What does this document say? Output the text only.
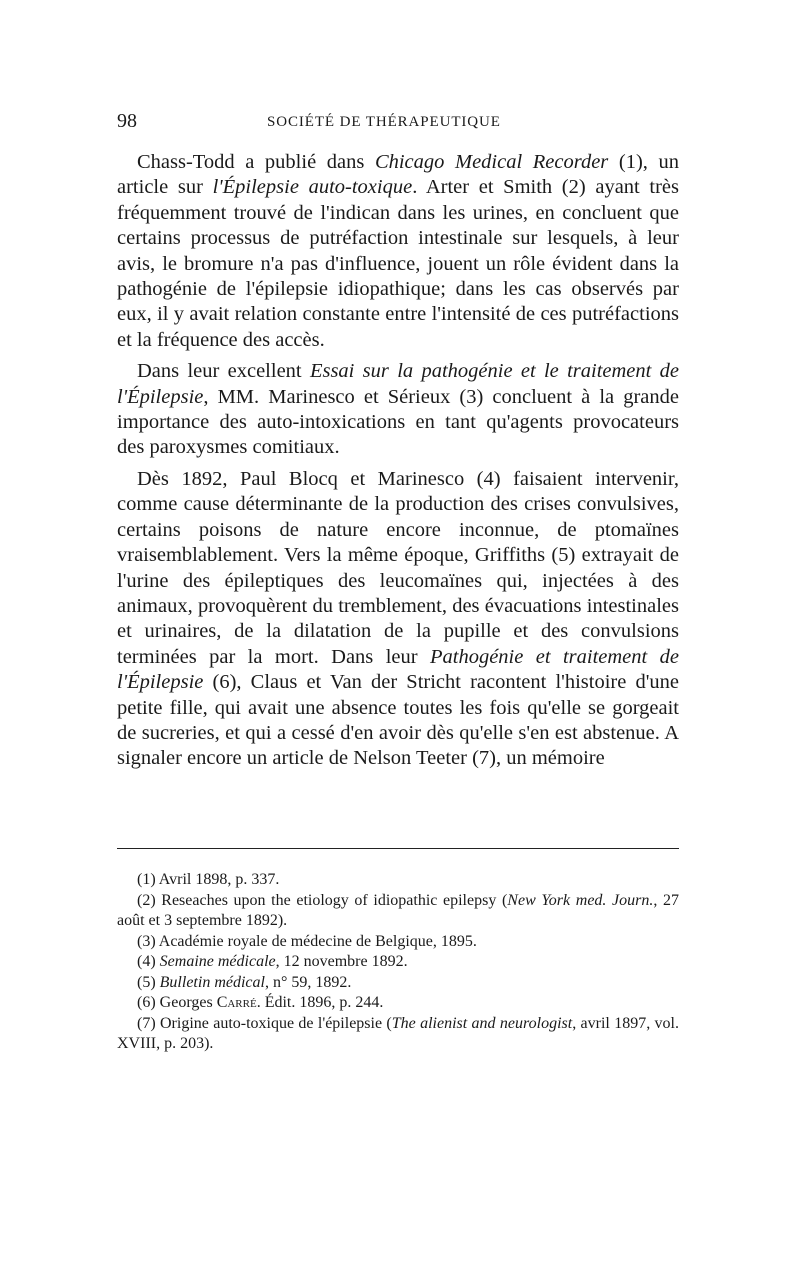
98	SOCIÉTÉ DE THÉRAPEUTIQUE

Chass-Todd a publié dans Chicago Medical Recorder (1), un article sur l'Épilepsie auto-toxique. Arter et Smith (2) ayant très fréquemment trouvé de l'indican dans les urines, en concluent que certains processus de putréfaction intestinale sur lesquels, à leur avis, le bromure n'a pas d'influence, jouent un rôle évident dans la pathogénie de l'épilepsie idiopathique; dans les cas observés par eux, il y avait relation constante entre l'intensité de ces putréfactions et la fréquence des accès.

Dans leur excellent Essai sur la pathogénie et le traitement de l'Épilepsie, MM. Marinesco et Sérieux (3) concluent à la grande importance des auto-intoxications en tant qu'agents provocateurs des paroxysmes comitiaux.

Dès 1892, Paul Blocq et Marinesco (4) faisaient intervenir, comme cause déterminante de la production des crises convulsives, certains poisons de nature encore inconnue, de ptomaïnes vraisemblablement. Vers la même époque, Griffiths (5) extrayait de l'urine des épileptiques des leucomaïnes qui, injectées à des animaux, provoquèrent du tremblement, des évacuations intestinales et urinaires, de la dilatation de la pupille et des convulsions terminées par la mort. Dans leur Pathogénie et traitement de l'Épilepsie (6), Claus et Van der Stricht racontent l'histoire d'une petite fille, qui avait une absence toutes les fois qu'elle se gorgeait de sucreries, et qui a cessé d'en avoir dès qu'elle s'en est abstenue. A signaler encore un article de Nelson Teeter (7), un mémoire

(1) Avril 1898, p. 337.

(2) Reseaches upon the etiology of idiopathic epilepsy (New York med. Journ., 27 août et 3 septembre 1892).

(3) Académie royale de médecine de Belgique, 1895.

(4) Semaine médicale, 12 novembre 1892.

(5) Bulletin médical, n° 59, 1892.

(6) Georges Carré. Édit. 1896, p. 244.

(7) Origine auto-toxique de l'épilepsie (The alienist and neurologist, avril 1897, vol. XVIII, p. 203).
